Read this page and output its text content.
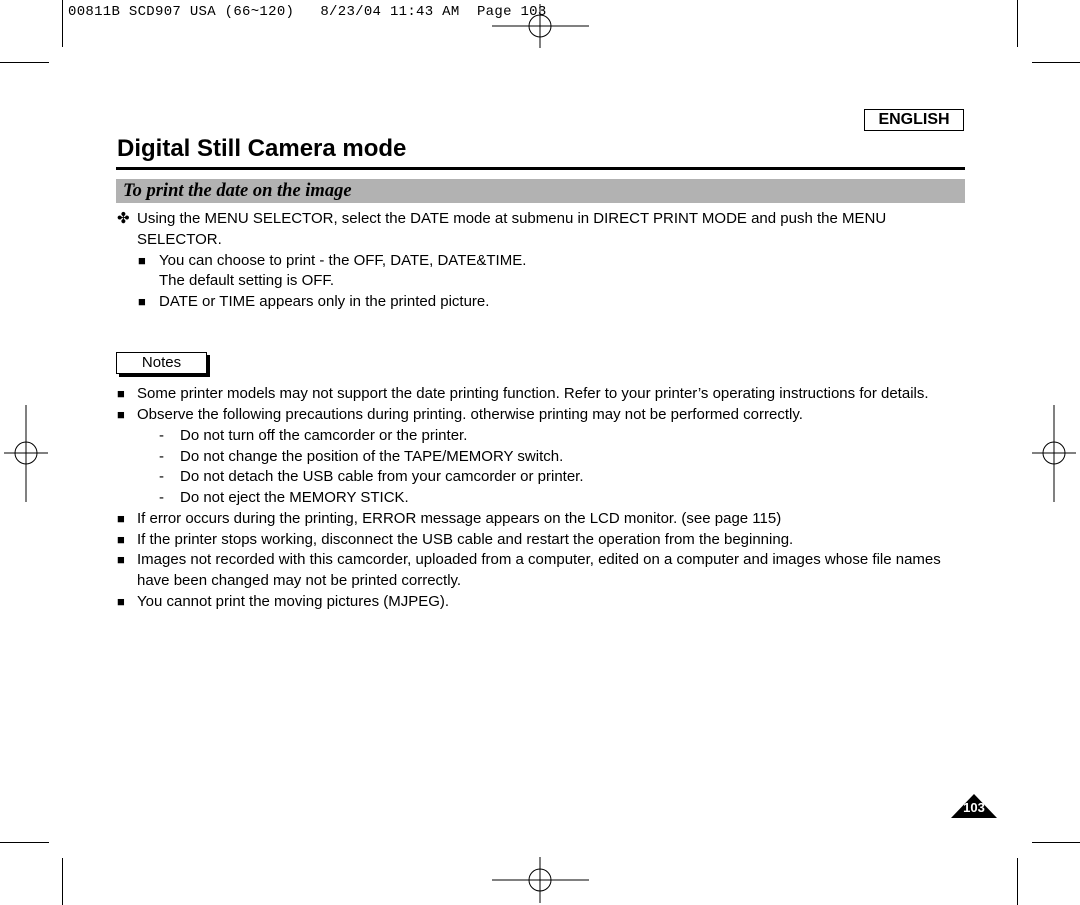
00811B SCD907 USA (66~120)   8/23/04 11:43 AM  Page 103
ENGLISH
Digital Still Camera mode
To print the date on the image
✤ Using the MENU SELECTOR, select the DATE mode at submenu in DIRECT PRINT MODE and push the MENU
SELECTOR.
■ You can choose to print - the OFF, DATE, DATE&TIME.
The default setting is OFF.
■ DATE or TIME appears only in the printed picture.
Notes
■ Some printer models may not support the date printing function. Refer to your printer’s operating instructions for details.
■ Observe the following precautions during printing. otherwise printing may not be performed correctly.
- Do not turn off the camcorder or the printer.
- Do not change the position of the TAPE/MEMORY switch.
- Do not detach the USB cable from your camcorder or printer.
- Do not eject the MEMORY STICK.
■ If error occurs during the printing, ERROR message appears on the LCD monitor. (see page 115)
■ If the printer stops working, disconnect the USB cable and restart the operation from the beginning.
■ Images not recorded with this camcorder, uploaded from a computer, edited on a computer and images whose file names
have been changed may not be printed correctly.
■ You cannot print the moving pictures (MJPEG).
103
